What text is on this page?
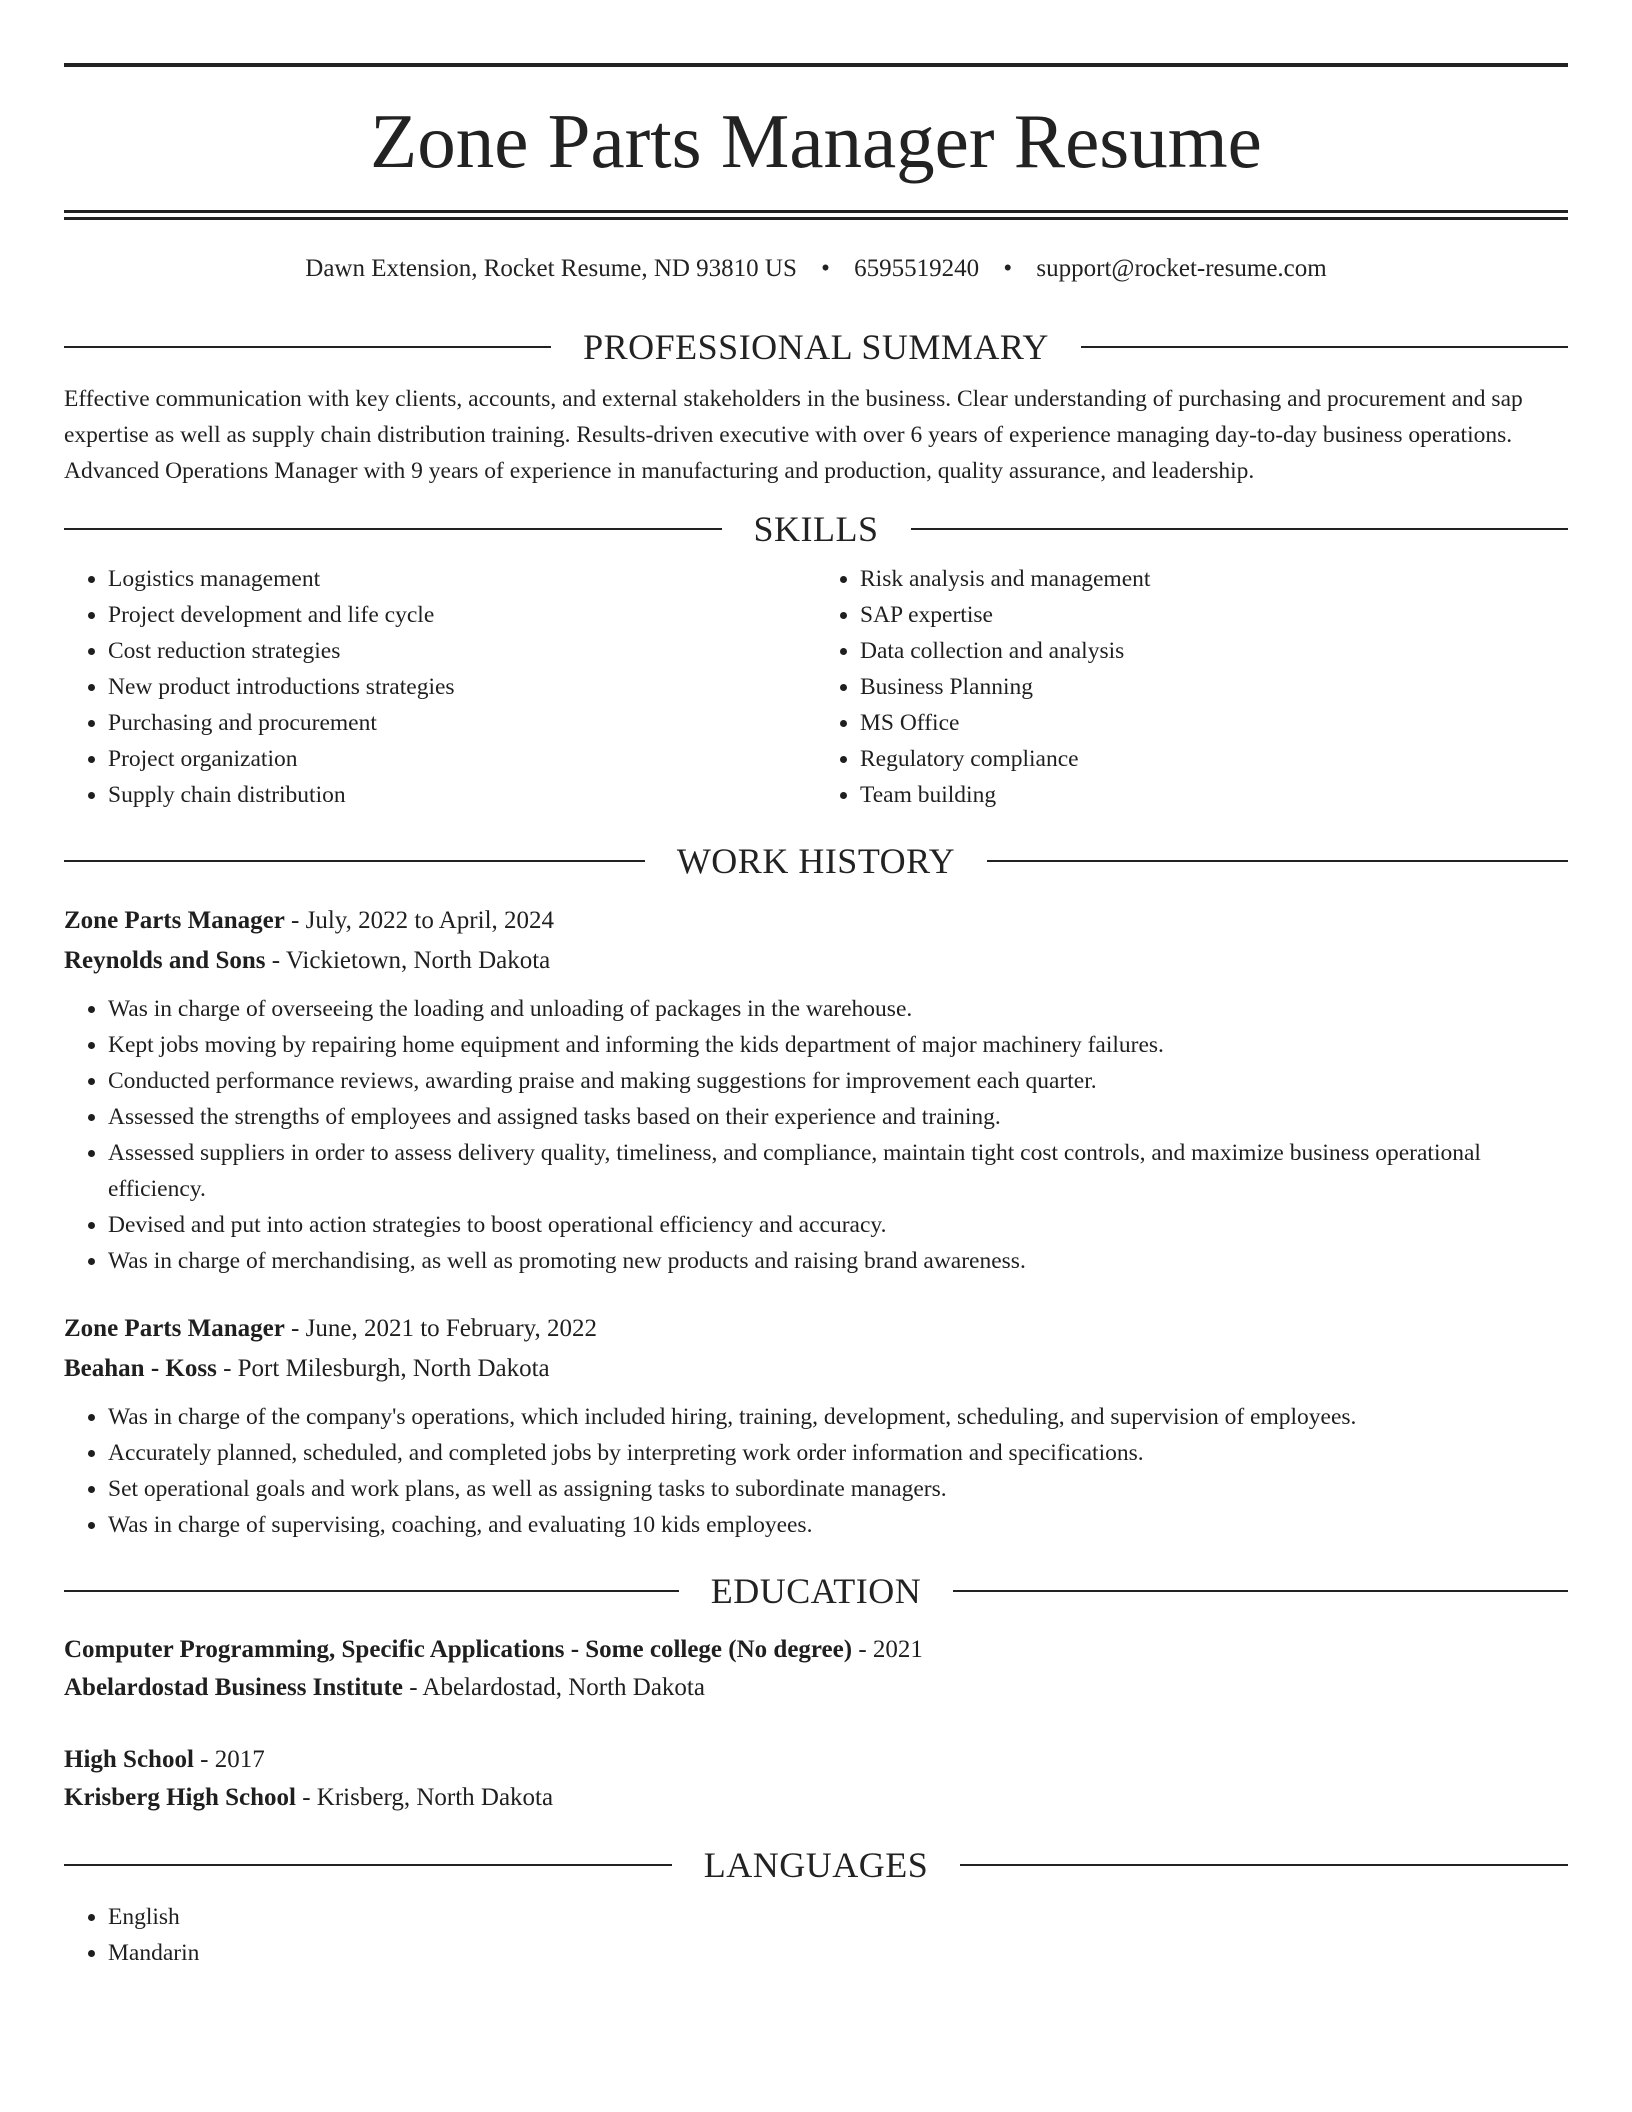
Zone Parts Manager Resume
Dawn Extension, Rocket Resume, ND 93810 US • 6595519240 • support@rocket-resume.com
PROFESSIONAL SUMMARY

Effective communication with key clients, accounts, and external stakeholders in the business. Clear understanding of purchasing and procurement and sap expertise as well as supply chain distribution training. Results-driven executive with over 6 years of experience managing day-to-day business operations. Advanced Operations Manager with 9 years of experience in manufacturing and production, quality assurance, and leadership.

SKILLS
• Logistics management
• Project development and life cycle
• Cost reduction strategies
• New product introductions strategies
• Purchasing and procurement
• Project organization
• Supply chain distribution
• Risk analysis and management
• SAP expertise
• Data collection and analysis
• Business Planning
• MS Office
• Regulatory compliance
• Team building
WORK HISTORY
Zone Parts Manager - July, 2022 to April, 2024
Reynolds and Sons - Vickietown, North Dakota
• Was in charge of overseeing the loading and unloading of packages in the warehouse.
• Kept jobs moving by repairing home equipment and informing the kids department of major machinery failures.
• Conducted performance reviews, awarding praise and making suggestions for improvement each quarter.
• Assessed the strengths of employees and assigned tasks based on their experience and training.
• Assessed suppliers in order to assess delivery quality, timeliness, and compliance, maintain tight cost controls, and maximize business operational efficiency.
• Devised and put into action strategies to boost operational efficiency and accuracy.
• Was in charge of merchandising, as well as promoting new products and raising brand awareness.
Zone Parts Manager - June, 2021 to February, 2022
Beahan - Koss - Port Milesburgh, North Dakota
• Was in charge of the company's operations, which included hiring, training, development, scheduling, and supervision of employees.
• Accurately planned, scheduled, and completed jobs by interpreting work order information and specifications.
• Set operational goals and work plans, as well as assigning tasks to subordinate managers.
• Was in charge of supervising, coaching, and evaluating 10 kids employees.
EDUCATION
Computer Programming, Specific Applications - Some college (No degree) - 2021
Abelardostad Business Institute - Abelardostad, North Dakota
High School - 2017
Krisberg High School - Krisberg, North Dakota
LANGUAGES
• English
• Mandarin
